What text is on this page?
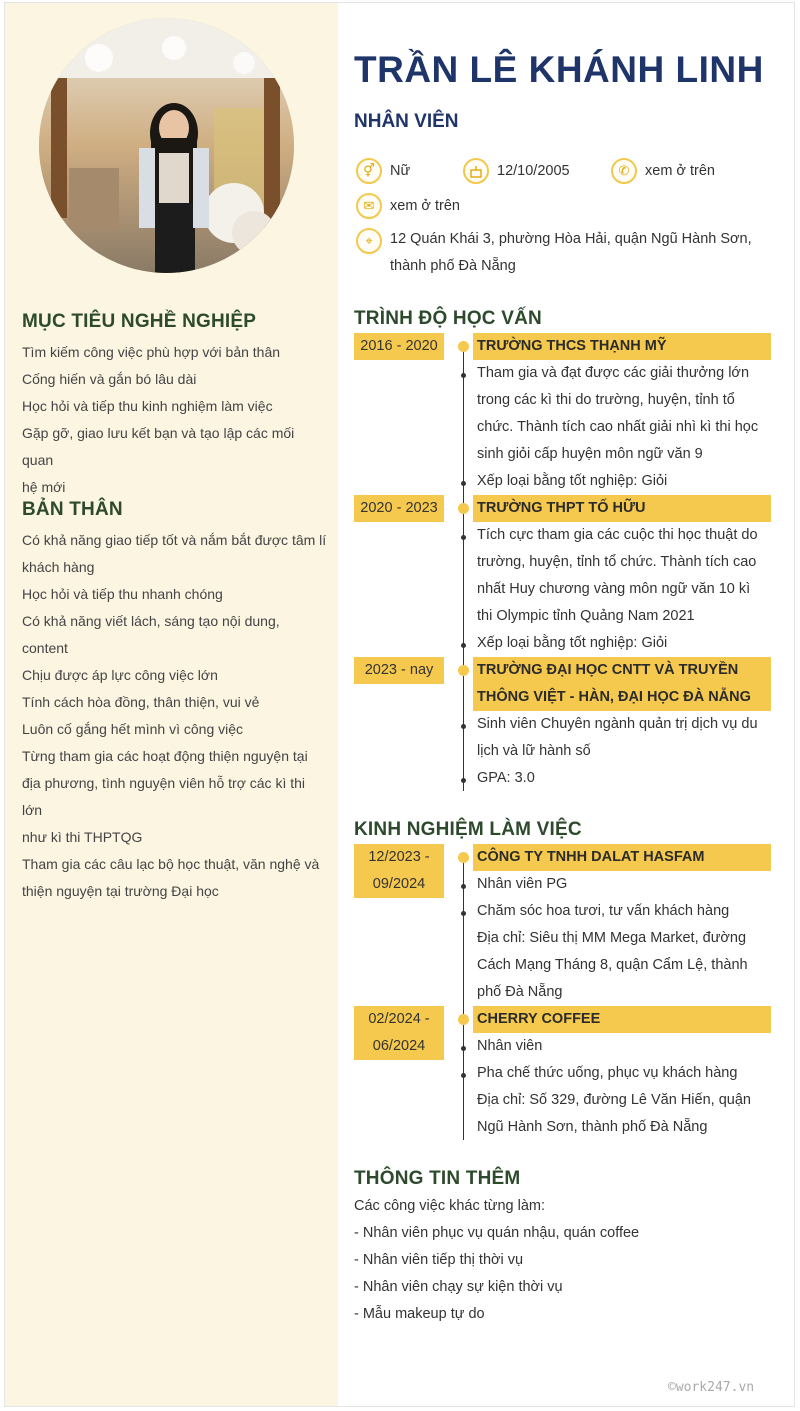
MỤC TIÊU NGHỀ NGHIỆP
Tìm kiếm công việc phù hợp với bản thân
Cống hiến và gắn bó lâu dài
Học hỏi và tiếp thu kinh nghiệm làm việc
Gặp gỡ, giao lưu kết bạn và tạo lập các mối quan
hệ mới
BẢN THÂN
Có khả năng giao tiếp tốt và nắm bắt được tâm lí
khách hàng
Học hỏi và tiếp thu nhanh chóng
Có khả năng viết lách, sáng tạo nội dung, content
Chịu được áp lực công việc lớn
Tính cách hòa đồng, thân thiện, vui vẻ
Luôn cố gắng hết mình vì công việc
Từng tham gia các hoạt động thiện nguyện tại
địa phương, tình nguyện viên hỗ trợ các kì thi lớn
như kì thi THPTQG
Tham gia các câu lạc bộ học thuật, văn nghệ và
thiện nguyện tại trường Đại học
TRẦN LÊ KHÁNH LINH
NHÂN VIÊN
⚥	Nữ	12/10/2005	✆	xem ở trên
✉	xem ở trên
⌖	12 Quán Khái 3, phường Hòa Hải, quận Ngũ Hành Sơn,
thành phố Đà Nẵng
TRÌNH ĐỘ HỌC VẤN
2016 - 2020	TRƯỜNG THCS THẠNH MỸ
Tham gia và đạt được các giải thưởng lớn
trong các kì thi do trường, huyện, tỉnh tổ
chức. Thành tích cao nhất giải nhì kì thi học
sinh giỏi cấp huyện môn ngữ văn 9
Xếp loại bằng tốt nghiệp: Giỏi
2020 - 2023	TRƯỜNG THPT TỐ HỮU
Tích cực tham gia các cuộc thi học thuật do
trường, huyện, tỉnh tổ chức. Thành tích cao
nhất Huy chương vàng môn ngữ văn 10 kì
thi Olympic tỉnh Quảng Nam 2021
Xếp loại bằng tốt nghiệp: Giỏi
2023 - nay	TRƯỜNG ĐẠI HỌC CNTT VÀ TRUYỀN
THÔNG VIỆT - HÀN, ĐẠI HỌC ĐÀ NẴNG
Sinh viên Chuyên ngành quản trị dịch vụ du
lịch và lữ hành số
GPA: 3.0
KINH NGHIỆM LÀM VIỆC
12/2023 -
09/2024
CÔNG TY TNHH DALAT HASFAM
Nhân viên PG
Chăm sóc hoa tươi, tư vấn khách hàng
Địa chỉ: Siêu thị MM Mega Market, đường
Cách Mạng Tháng 8, quận Cẩm Lệ, thành
phố Đà Nẵng
02/2024 -
06/2024
CHERRY COFFEE
Nhân viên
Pha chế thức uống, phục vụ khách hàng
Địa chỉ: Số 329, đường Lê Văn Hiến, quận
Ngũ Hành Sơn, thành phố Đà Nẵng
THÔNG TIN THÊM
Các công việc khác từng làm:
- Nhân viên phục vụ quán nhậu, quán coffee
- Nhân viên tiếp thị thời vụ
- Nhân viên chạy sự kiện thời vụ
- Mẫu makeup tự do
©work247.vn
